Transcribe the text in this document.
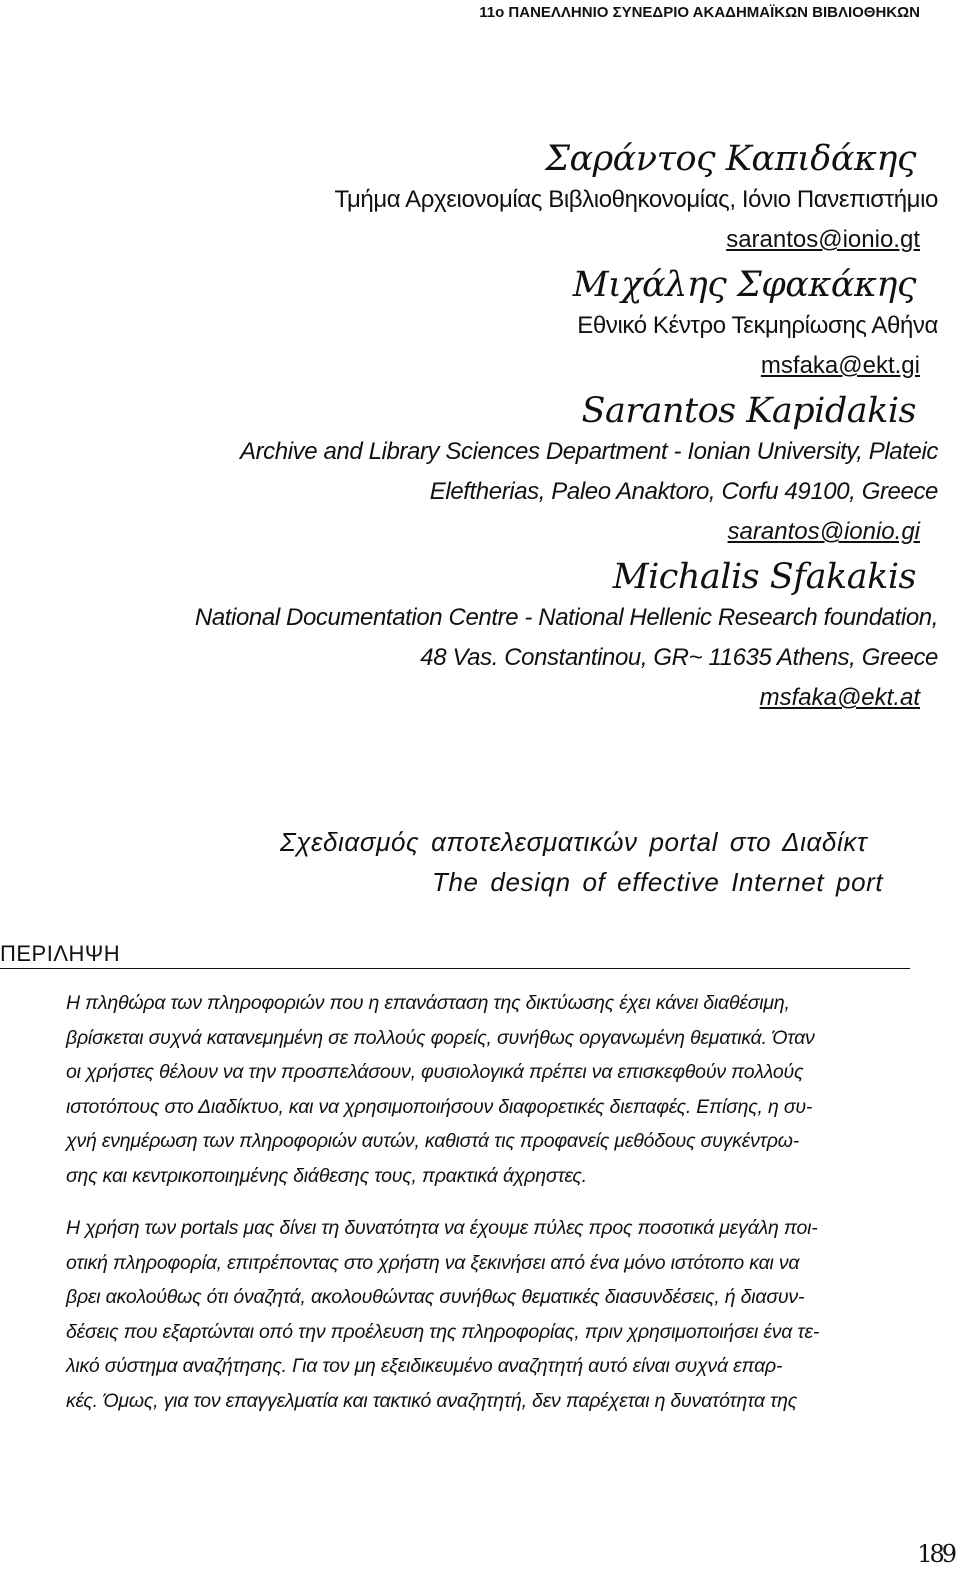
11ο ΠΑΝΕΛΛΗΝΙΟ ΣΥΝΕΔΡΙΟ ΑΚΑΔΗΜΑΪΚΩΝ ΒΙΒΛΙΟΘΗΚΩΝ
Σαράντος Καπιδάκης
Τμήμα Αρχειονομίας Βιβλιοθηκονομίας, Ιόνιο Πανεπιστήμιο
sarantos@ionio.gt
Μιχάλης Σφακάκης
Εθνικό Κέντρο Τεκμηρίωσης Αθήνα
msfaka@ekt.gi
Sarantos Kapidakis
Archive and Library Sciences Department - Ionian University, Plateic
Eleftherias, Paleo Anaktoro, Corfu 49100, Greece
sarantos@ionio.gi
Michalis Sfakakis
National Documentation Centre - National Hellenic Research foundation,
48 Vas. Constantinou, GR~ 11635 Athens, Greece
msfaka@ekt.at
Σχεδιασμός αποτελεσματικών portal στο Διαδίκτ
The desiqn of effective Internet port
ΠΕΡΙΛΗΨΗ

Η πληθώρα των πληροφοριών που η επανάσταση της δικτύωσης έχει κάνει διαθέσιμη,
βρίσκεται συχνά κατανεμημένη σε πολλούς φορείς, συνήθως οργανωμένη θεματικά. Όταν
οι χρήστες θέλουν να την προσπελάσουν, φυσιολογικά πρέπει να επισκεφθούν πολλούς
ιστοτόπους στο Διαδίκτυο, και να χρησιμοποιήσουν διαφορετικές διεπαφές. Επίσης, η συ-
χνή ενημέρωση των πληροφοριών αυτών, καθιστά τις προφανείς μεθόδους συγκέντρω-
σης και κεντρικοποιημένης διάθεσης τους, πρακτικά άχρηστες.

Η χρήση των portals μας δίνει τη δυνατότητα να έχουμε πύλες προς ποσοτικά μεγάλη ποι-
οτική πληροφορία, επιτρέποντας στο χρήστη να ξεκινήσει από ένα μόνο ιστότοπο και να
βρει ακολούθως ότι όναζητά, ακολουθώντας συνήθως θεματικές διασυνδέσεις, ή διασυν-
δέσεις που εξαρτώνται οπό την προέλευση της πληροφορίας, πριν χρησιμοποιήσει ένα τε-
λικό σύστημα αναζήτησης. Για τον μη εξειδικευμένο αναζητητή αυτό είναι συχνά επαρ-
κές. Όμως, για τον επαγγελματία και τακτικό αναζητητή, δεν παρέχεται η δυνατότητα της

189
